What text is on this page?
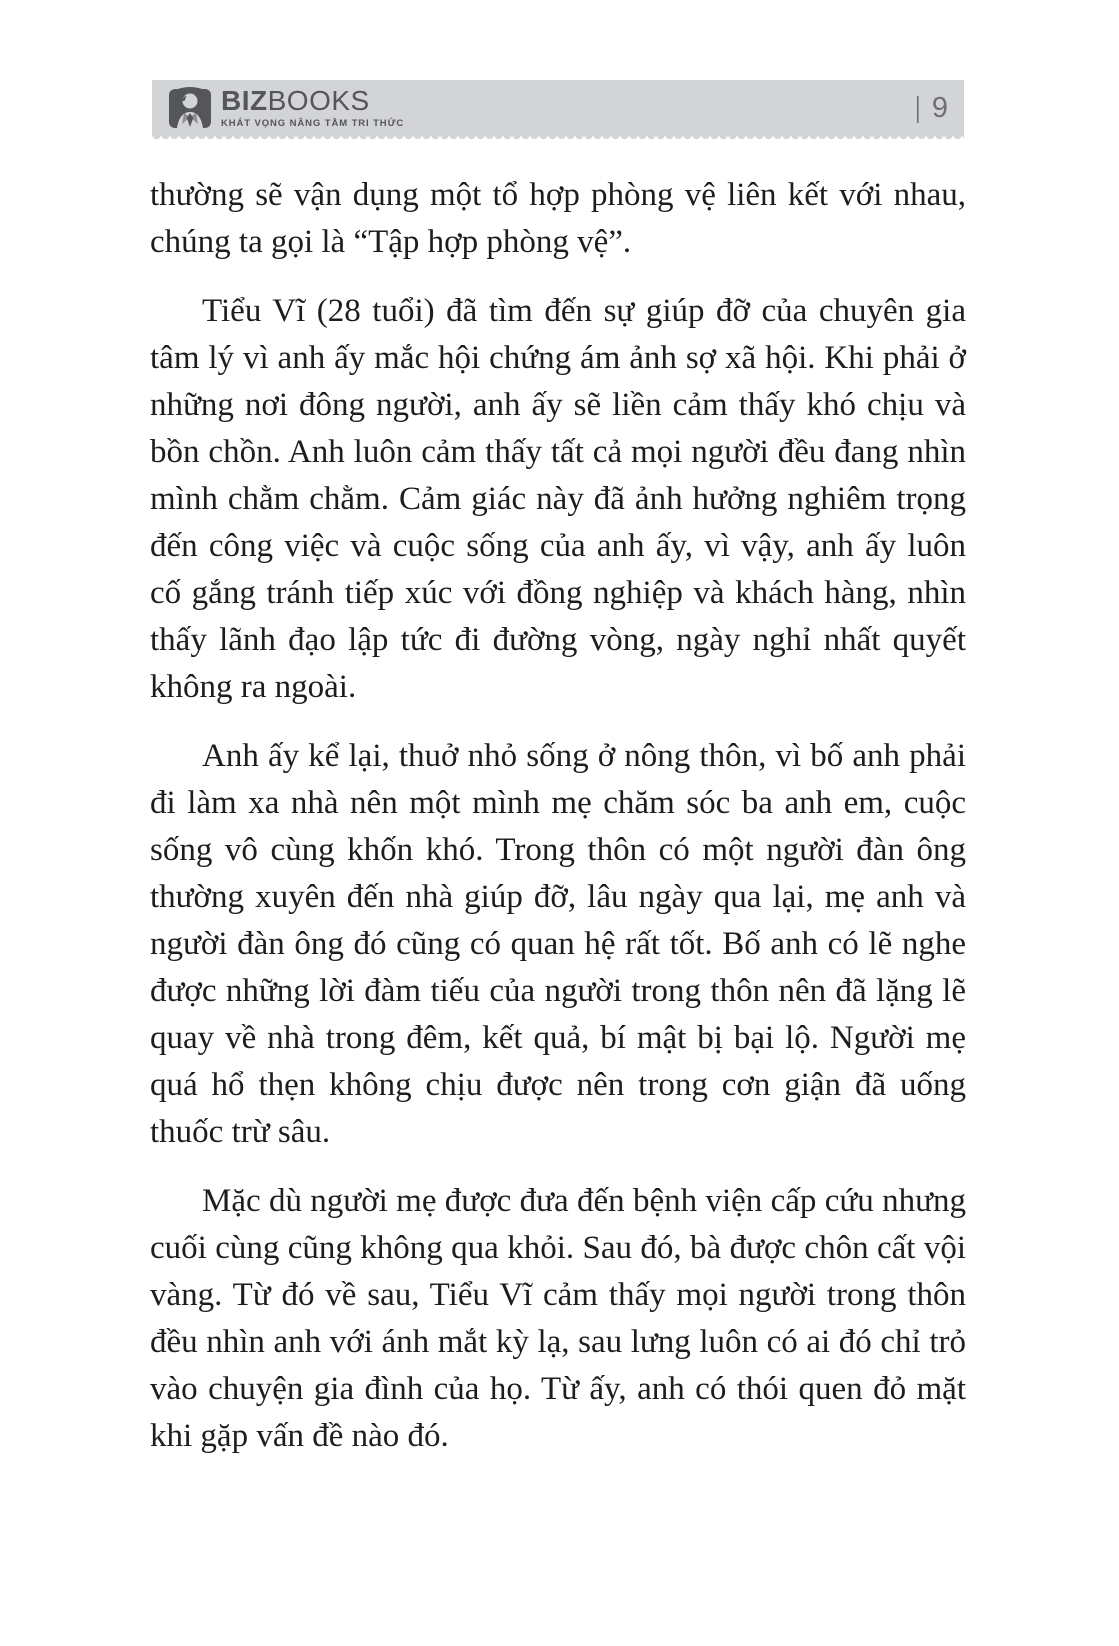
BIZBOOKS
KHÁT VỌNG NÂNG TẦM TRI THỨC	| 9

thường sẽ vận dụng một tổ hợp phòng vệ liên kết với nhau, chúng ta gọi là “Tập hợp phòng vệ”.

Tiểu Vĩ (28 tuổi) đã tìm đến sự giúp đỡ của chuyên gia tâm lý vì anh ấy mắc hội chứng ám ảnh sợ xã hội. Khi phải ở những nơi đông người, anh ấy sẽ liền cảm thấy khó chịu và bồn chồn. Anh luôn cảm thấy tất cả mọi người đều đang nhìn mình chằm chằm. Cảm giác này đã ảnh hưởng nghiêm trọng đến công việc và cuộc sống của anh ấy, vì vậy, anh ấy luôn cố gắng tránh tiếp xúc với đồng nghiệp và khách hàng, nhìn thấy lãnh đạo lập tức đi đường vòng, ngày nghỉ nhất quyết không ra ngoài.

Anh ấy kể lại, thuở nhỏ sống ở nông thôn, vì bố anh phải đi làm xa nhà nên một mình mẹ chăm sóc ba anh em, cuộc sống vô cùng khốn khó. Trong thôn có một người đàn ông thường xuyên đến nhà giúp đỡ, lâu ngày qua lại, mẹ anh và người đàn ông đó cũng có quan hệ rất tốt. Bố anh có lẽ nghe được những lời đàm tiếu của người trong thôn nên đã lặng lẽ quay về nhà trong đêm, kết quả, bí mật bị bại lộ. Người mẹ quá hổ thẹn không chịu được nên trong cơn giận đã uống thuốc trừ sâu.

Mặc dù người mẹ được đưa đến bệnh viện cấp cứu nhưng cuối cùng cũng không qua khỏi. Sau đó, bà được chôn cất vội vàng. Từ đó về sau, Tiểu Vĩ cảm thấy mọi người trong thôn đều nhìn anh với ánh mắt kỳ lạ, sau lưng luôn có ai đó chỉ trỏ vào chuyện gia đình của họ. Từ ấy, anh có thói quen đỏ mặt khi gặp vấn đề nào đó.
